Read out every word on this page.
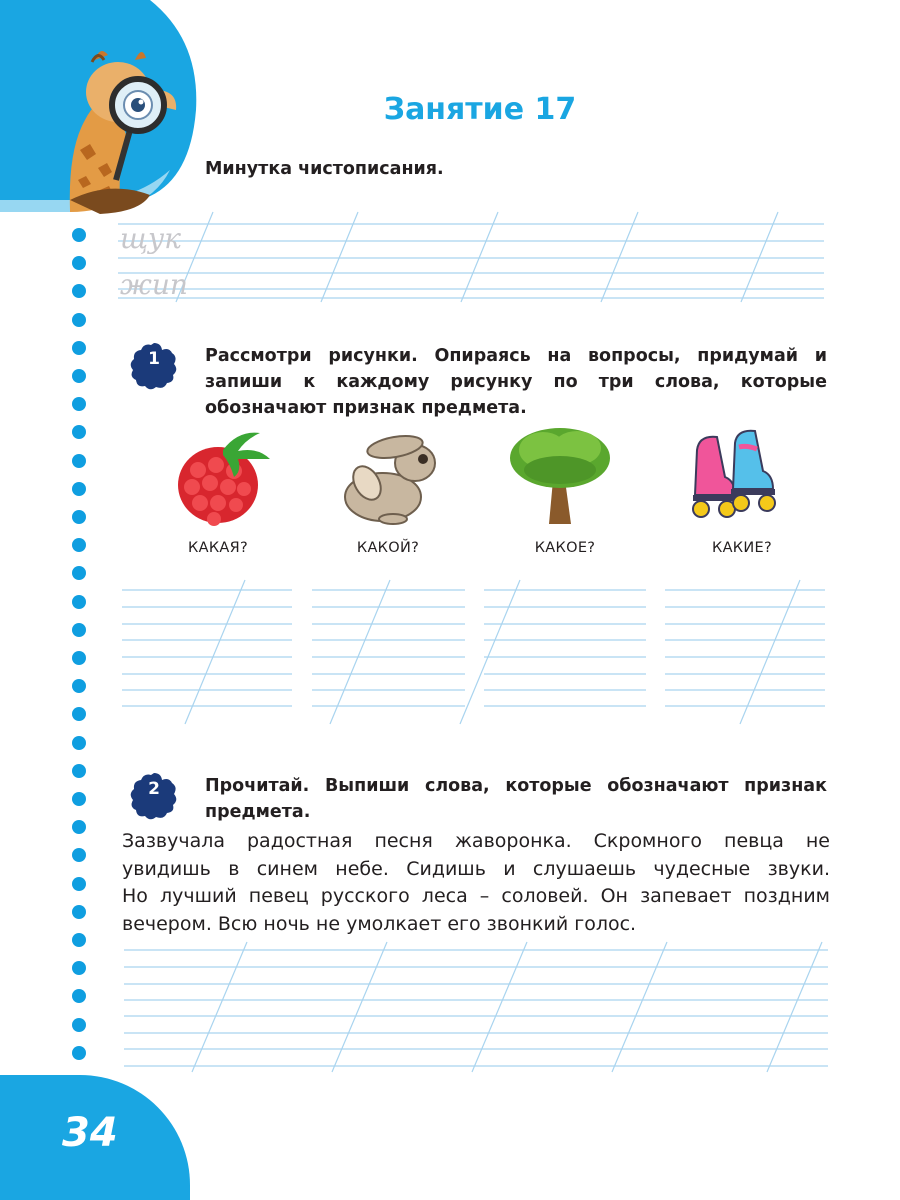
34
Занятие 17
Минутка чистописания.
щук
жип
1	Рассмотри рисунки. Опираясь на вопросы, придумай и запиши к каждому рисунку по три слова, которые обозначают признак предмета.
КАКАЯ?	КАКОЙ?	КАКОЕ?	КАКИЕ?
2	Прочитай. Выпиши слова, которые обозначают признак предмета.
Зазвучала радостная песня жаворонка. Скромного певца не
увидишь в синем небе. Сидишь и слушаешь чудесные звуки.
Но лучший певец русского леса – соловей. Он запевает поздним
вечером. Всю ночь не умолкает его звонкий голос.
